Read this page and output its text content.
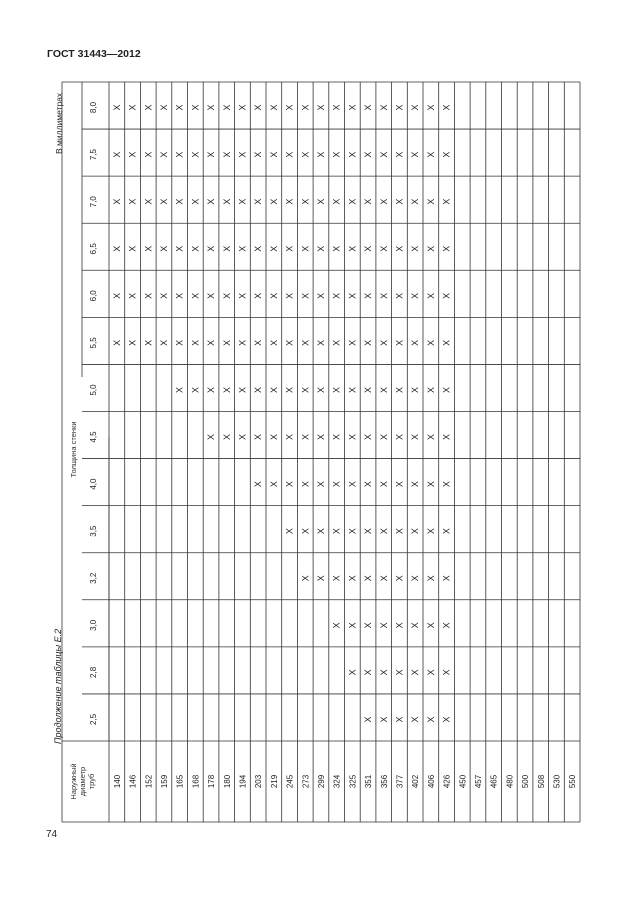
ГОСТ 31443—2012
Продолжение таблицы Е.2
В миллиметрах
74
Толщина стенки
Наружный диаметр труб
2,5
2,8
3,0
3,2
3,5
4,0
4,5
5,0
5,5
6,0
6,5
7,0
7,5
8,0
140 146 152 159 165 168 178 180 194 203 219 245 273 299 324 325 351 356 377 402 406 426 450 457 465 480 500 508 530 550
X
X
X
X
X
X
X
X
X
X
X
X
X
X
X
X
X
X
X
X
X
X
X
X
X
X
X
X
X
X
X
X
X
X
X
X
X
X
X
X
X
X
X
X
X
X
X
X
X
X
X
X
X
X
X
X
X
X
X
X
X
X
X
X
X
X
X
X
X
X
X
X
X
X
X
X
X
X
X
X
X
X
X
X
X
X
X
X
X
X
X
X
X
X
X
X
X
X
X
X
X
X
X
X
X
X
X
X
X
X
X
X
X
X
X
X
X
X
X
X
X
X
X
X
X
X
X
X
X
X
X
X
X
X
X
X
X
X
X
X
X
X
X
X
X
X
X
X
X
X
X
X
X
X
X
X
X
X
X
X
X
X
X
X
X
X
X
X
X
X
X
X
X
X
X
X
X
X
X
X
X
X
X
X
X
X
X
X
X
X
X
X
X
X
X
X
X
X
X
X
X
X
X
X
X
X
X
X
X
X
X
X
X
X
X
X
X
X
X
X
X
